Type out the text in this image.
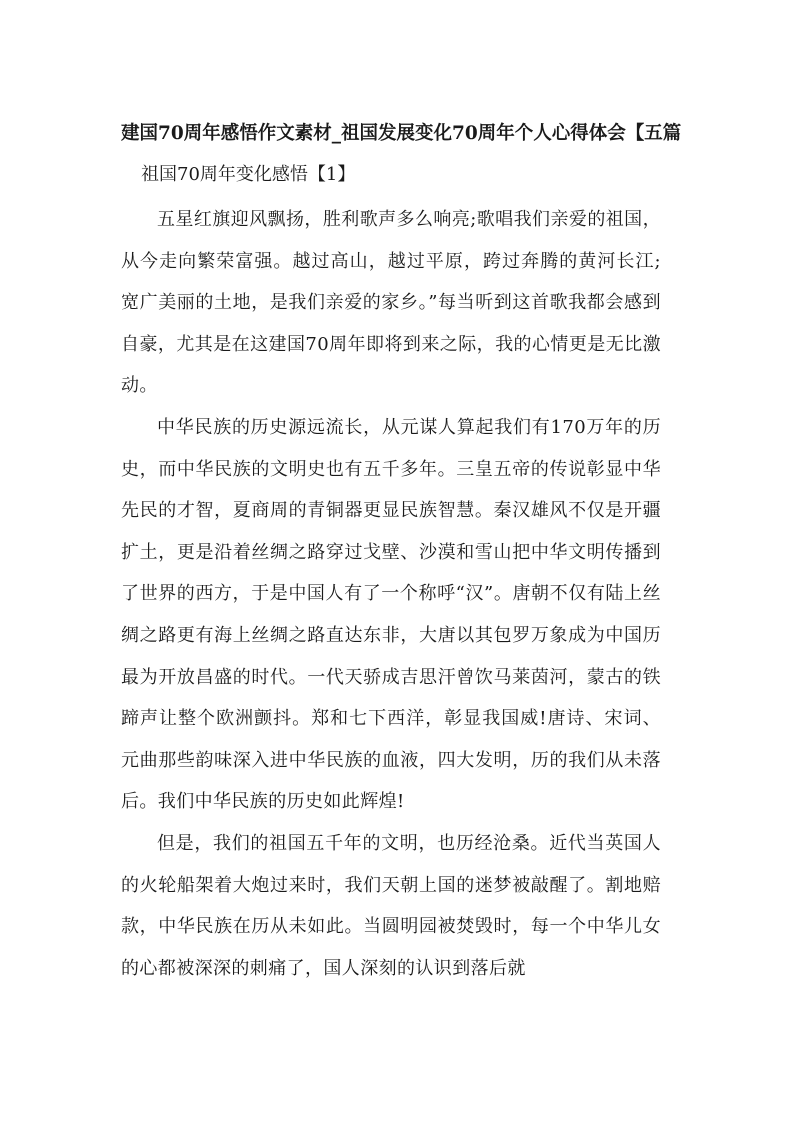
建国70周年感悟作文素材_祖国发展变化70周年个人心得体会【五篇
祖国70周年变化感悟【1】

五星红旗迎风飘扬，胜利歌声多么响亮;歌唱我们亲爱的祖国，从今走向繁荣富强。越过高山，越过平原，跨过奔腾的黄河长江;宽广美丽的土地，是我们亲爱的家乡。”每当听到这首歌我都会感到自豪，尤其是在这建国70周年即将到来之际，我的心情更是无比激动。

中华民族的历史源远流长，从元谋人算起我们有170万年的历史，而中华民族的文明史也有五千多年。三皇五帝的传说彰显中华先民的才智，夏商周的青铜器更显民族智慧。秦汉雄风不仅是开疆扩土，更是沿着丝绸之路穿过戈壁、沙漠和雪山把中华文明传播到了世界的西方，于是中国人有了一个称呼“汉”。唐朝不仅有陆上丝绸之路更有海上丝绸之路直达东非，大唐以其包罗万象成为中国历最为开放昌盛的时代。一代天骄成吉思汗曾饮马莱茵河，蒙古的铁蹄声让整个欧洲颤抖。郑和七下西洋，彰显我国威!唐诗、宋词、元曲那些韵味深入进中华民族的血液，四大发明，历的我们从未落后。我们中华民族的历史如此辉煌!

但是，我们的祖国五千年的文明，也历经沧桑。近代当英国人的火轮船架着大炮过来时，我们天朝上国的迷梦被敲醒了。割地赔款，中华民族在历从未如此。当圆明园被焚毁时，每一个中华儿女的心都被深深的刺痛了，国人深刻的认识到落后就
